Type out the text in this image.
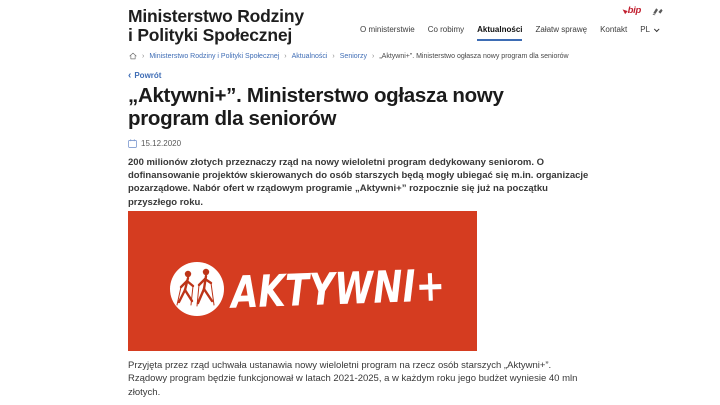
Ministerstwo Rodziny
i Polityki Społecznej
bip
O ministerstwie Co robimy Aktualności Załatw sprawę Kontakt PL
› Ministerstwo Rodziny i Polityki Społecznej › Aktualności › Seniorzy › „Aktywni+”. Ministerstwo ogłasza nowy program dla seniorów
‹ Powrót
„Aktywni+”. Ministerstwo ogłasza nowy program dla seniorów
15.12.2020

200 milionów złotych przeznaczy rząd na nowy wieloletni program dedykowany seniorom. O dofinansowanie projektów skierowanych do osób starszych będą mogły ubiegać się m.in. organizacje pozarządowe. Nabór ofert w rządowym programie „Aktywni+” rozpocznie się już na początku przyszłego roku.

AKTYWNI+

Przyjęta przez rząd uchwała ustanawia nowy wieloletni program na rzecz osób starszych „Aktywni+”. Rządowy program będzie funkcjonował w latach 2021-2025, a w każdym roku jego budżet wyniesie 40 mln złotych.
